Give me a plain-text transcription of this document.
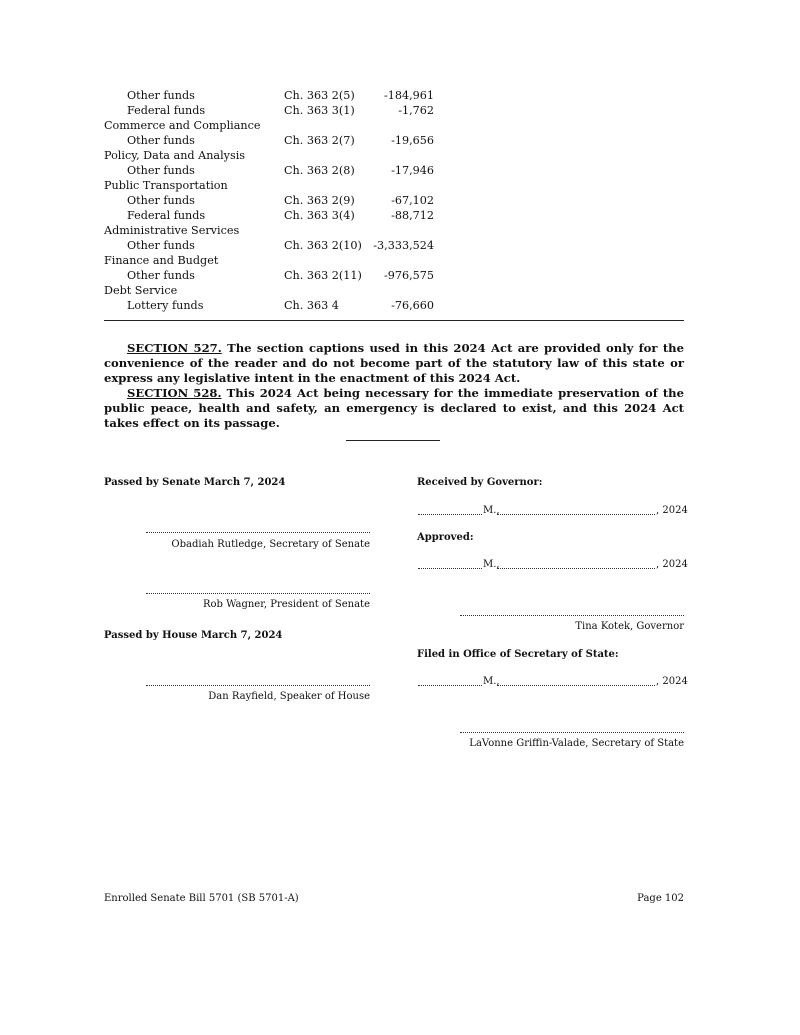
Other funds	Ch. 363 2(5)	-184,961
Federal funds	Ch. 363 3(1)	-1,762
Commerce and Compliance
Other funds	Ch. 363 2(7)	-19,656
Policy, Data and Analysis
Other funds	Ch. 363 2(8)	-17,946
Public Transportation
Other funds	Ch. 363 2(9)	-67,102
Federal funds	Ch. 363 3(4)	-88,712
Administrative Services
Other funds	Ch. 363 2(10) -3,333,524
Finance and Budget
Other funds	Ch. 363 2(11) -976,575
Debt Service
Lottery funds	Ch. 363 4	-76,660

SECTION 527. The section captions used in this 2024 Act are provided only for the convenience of the reader and do not become part of the statutory law of this state or express any legislative intent in the enactment of this 2024 Act.

SECTION 528. This 2024 Act being necessary for the immediate preservation of the public peace, health and safety, an emergency is declared to exist, and this 2024 Act takes effect on its passage.

Passed by Senate March 7, 2024
Obadiah Rutledge, Secretary of Senate
Rob Wagner, President of Senate
Passed by House March 7, 2024
Dan Rayfield, Speaker of House
Received by Governor:
M.,	, 2024
Approved:
M.,	, 2024
Tina Kotek, Governor
Filed in Office of Secretary of State:
M.,	, 2024
LaVonne Griffin-Valade, Secretary of State
Enrolled Senate Bill 5701 (SB 5701-A)	Page 102
